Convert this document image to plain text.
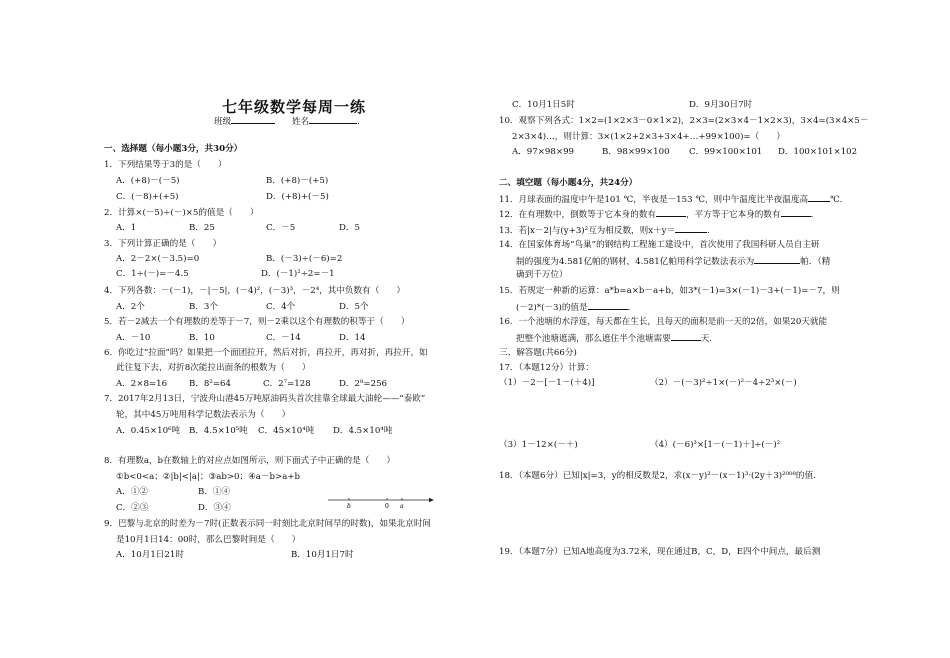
七年级数学每周一练
班级	姓名	.
一、选择题（每小题3分，共30分）
1．下列结果等于3的是（　　）
A．(+8)－(－5)	B．(+8)－(+5)
C．(－8)+(+5)	D．(+8)+(－5)
2．计算×(－5)÷(－)×5的值是（　　）
A．1	B．25	C．－5	D．5
3．下列计算正确的是（　　）
A．2－2×(－3.5)=0	B．(－3)÷(－6)=2
C．1÷(－)=－4.5	D．(－1)²÷2=－1
4．下列各数：－(－1)，－|－5|，(－4)²，(－3)³，－2⁴，其中负数有（　　）
A．2个	B．3个	C．4个	D．5个
5．若－2减去一个有理数的差等于－7，则－2乘以这个有理数的积等于（　　）
A．－10	B．10	C．－14	D．14
6．你吃过“拉面”吗？如果把一个面团拉开，然后对折，再拉开，再对折，再拉开，如
此往复下去，对折8次能拉出面条的根数为（　　）
A．2×8=16	B．8²=64	C．2⁷=128	D．2⁸=256
7．2017年2月13日，宁波舟山港45万吨原油码头首次挂靠全球最大油轮——“泰欧”
轮，其中45万吨用科学记数法表示为（　　）
A．0.45×10⁶吨 B．4.5×10⁵吨 C．45×10⁴吨 D．4.5×10⁴吨
8．有理数a，b在数轴上的对应点如图所示，则下面式子中正确的是（　　）
①b<0<a；②|b|<|a|；③ab>0；④a－b>a+b
A．①②	B．①④
C．②③	D．③④	b	0 a
9．巴黎与北京的时差为－7时(正数表示同一时刻比北京时间早的时数)，如果北京时间
是10月1日14：00时，那么巴黎时间是（　　）
A．10月1日21时	B．10月1日7时
C．10月1日5时	D．9月30日7时
10．观察下列各式：1×2=(1×2×3－0×1×2)，2×3=(2×3×4－1×2×3)，3×4=(3×4×5－
2×3×4)…，则计算：3×(1×2+2×3+3×4+…+99×100)=（　　）
A．97×98×99	B．98×99×100 C．99×100×101 D．100×101×102
二、填空题（每小题4分，共24分）
11．月球表面的温度中午是101 ℃，半夜是－153 ℃，则中午温度比半夜温度高	℃.
12．在有理数中，倒数等于它本身的数有	，平方等于它本身的数有	.
13．若|x－2|与(y+3)²互为相反数，则x＋y＝	.
14．在国家体育场“鸟巢”的钢结构工程施工建设中，首次使用了我国科研人员自主研
制的强度为4.581亿帕的钢材，4.581亿帕用科学记数法表示为	帕．（精
确到千万位）
15．若规定一种新的运算：a*b=a×b－a+b，如3*(－1)=3×(－1)－3+(－1)=－7，则
(－2)*(－3)的值是	.
16．一个池塘的水浮莲，每天都在生长，且每天的面积是前一天的2倍，如果20天就能
把整个池塘遮满，那么遮住半个池塘需要	天.
三、解答题(共66分)
17．（本题12分）计算：
（1）－2－[－1－(＋4)]	（2）－(－3)²÷1×(－)²－4÷2³×(－)
（3）1－12×(－＋)	（4）(－6)³×[1－(－1)＋]÷(－)²
18．（本题6分）已知|x|=3，y的相反数是2，求(x－y)²－(x－1)³·(2y＋3)²⁰⁰⁸的值.
19．（本题7分）已知A地高度为3.72米，现在通过B，C，D，E四个中间点，最后测
